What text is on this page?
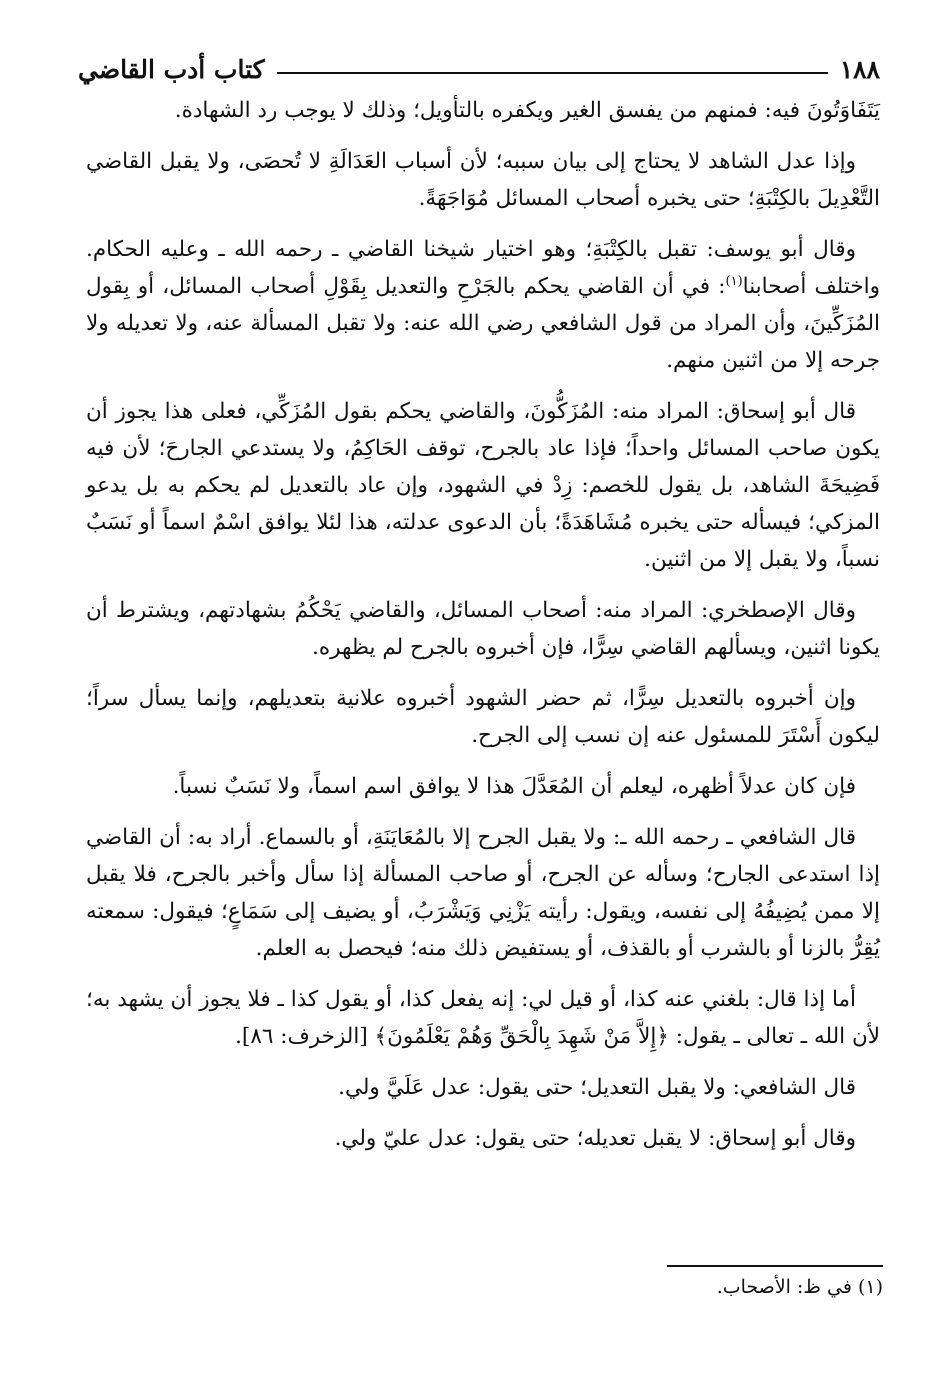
١٨٨
كتاب أدب القاضي

يَتَفَاوَتُونَ فيه: فمنهم من يفسق الغير ويكفره بالتأويل؛ وذلك لا يوجب رد الشهادة.

وإذا عدل الشاهد لا يحتاج إلى بيان سببه؛ لأن أسباب العَدَالَةِ لا تُحصَى، ولا يقبل القاضي التَّعْدِيلَ بالكِتْبَةِ؛ حتى يخبره أصحاب المسائل مُوَاجَهَةً.

وقال أبو يوسف: تقبل بالكِتْبَةِ؛ وهو اختيار شيخنا القاضي ـ رحمه الله ـ وعليه الحكام. واختلف أصحابنا$^{(١)}$: في أن القاضي يحكم بالجَرْحِ والتعديل بِقَوْلِ أصحاب المسائل، أو بِقول المُزَكِّينَ، وأن المراد من قول الشافعي رضي الله عنه: ولا تقبل المسألة عنه، ولا تعديله ولا جرحه إلا من اثنين منهم.

قال أبو إسحاق: المراد منه: المُزَكُّونَ، والقاضي يحكم بقول المُزَكِّي، فعلى هذا يجوز أن يكون صاحب المسائل واحداً؛ فإذا عاد بالجرح، توقف الحَاكِمُ، ولا يستدعي الجارحَ؛ لأن فيه فَضِيحَةَ الشاهد، بل يقول للخصم: زِدْ في الشهود، وإن عاد بالتعديل لم يحكم به بل يدعو المزكي؛ فيسأله حتى يخبره مُشَاهَدَةً؛ بأن الدعوى عدلته، هذا لئلا يوافق اسْمٌ اسماً أو نَسَبٌ نسباً، ولا يقبل إلا من اثنين.

وقال الإصطخري: المراد منه: أصحاب المسائل، والقاضي يَحْكُمُ بشهادتهم، ويشترط أن يكونا اثنين، ويسألهم القاضي سِرًّا، فإن أخبروه بالجرح لم يظهره.

وإن أخبروه بالتعديل سِرًّا، ثم حضر الشهود أخبروه علانية بتعديلهم، وإنما يسأل سراً؛ ليكون أَسْتَرَ للمسئول عنه إن نسب إلى الجرح.

فإن كان عدلاً أظهره، ليعلم أن المُعَدَّلَ هذا لا يوافق اسم اسماً، ولا نَسَبٌ نسباً.

قال الشافعي ـ رحمه الله ـ: ولا يقبل الجرح إلا بالمُعَايَنَةِ، أو بالسماع. أراد به: أن القاضي إذا استدعى الجارح؛ وسأله عن الجرح، أو صاحب المسألة إذا سأل وأخبر بالجرح، فلا يقبل إلا ممن يُضِيفُهُ إلى نفسه، ويقول: رأيته يَزْنِي وَيَشْرَبُ، أو يضيف إلى سَمَاعٍ؛ فيقول: سمعته يُقِرُّ بالزنا أو بالشرب أو بالقذف، أو يستفيض ذلك منه؛ فيحصل به العلم.

أما إذا قال: بلغني عنه كذا، أو قيل لي: إنه يفعل كذا، أو يقول كذا ـ فلا يجوز أن يشهد به؛ لأن الله ـ تعالى ـ يقول: ﴿إِلاَّ مَنْ شَهِدَ بِالْحَقِّ وَهُمْ يَعْلَمُونَ﴾ [الزخرف: ٨٦].

قال الشافعي: ولا يقبل التعديل؛ حتى يقول: عدل عَلَيَّ ولي.

وقال أبو إسحاق: لا يقبل تعديله؛ حتى يقول: عدل عليّ ولي.

(١) في ظ: الأصحاب.
